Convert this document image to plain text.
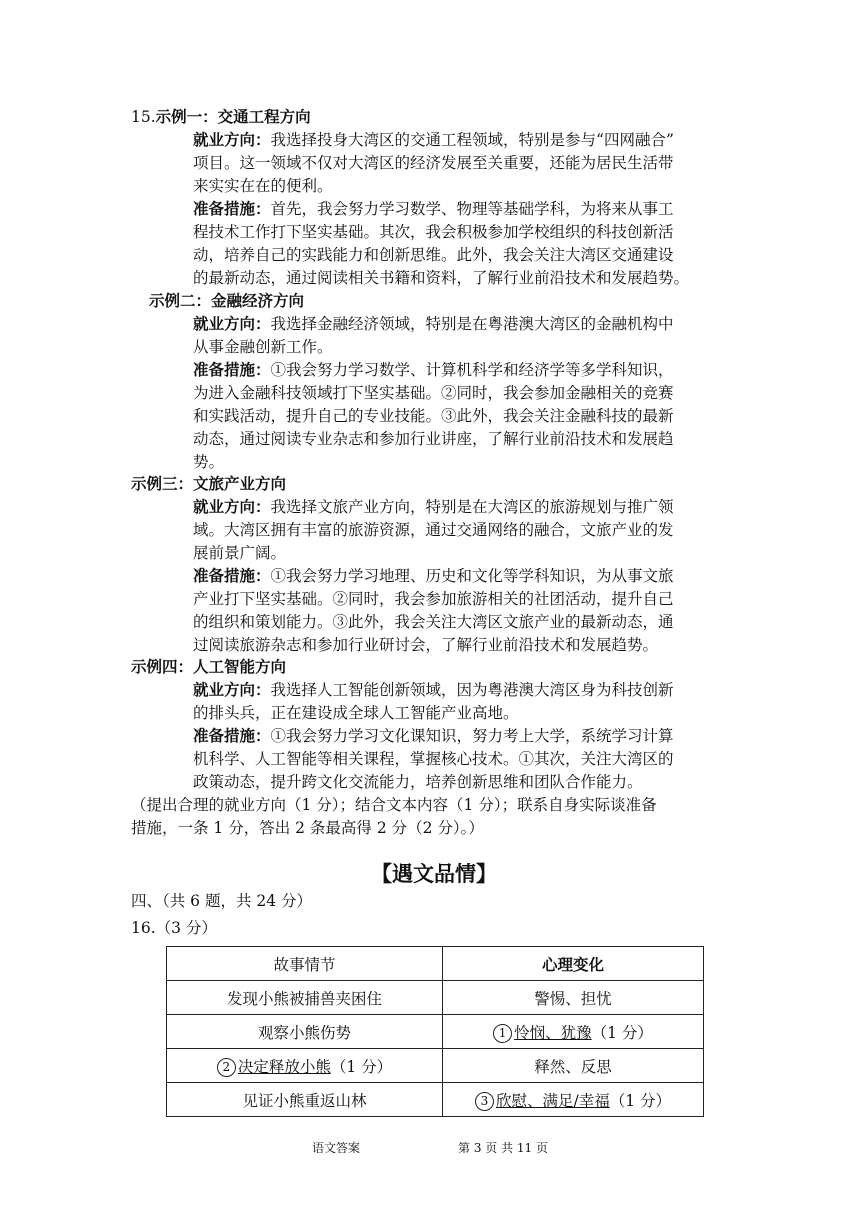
15.示例一：交通工程方向
就业方向：我选择投身大湾区的交通工程领域，特别是参与“四网融合”
项目。这一领域不仅对大湾区的经济发展至关重要，还能为居民生活带
来实实在在的便利。
准备措施：首先，我会努力学习数学、物理等基础学科，为将来从事工
程技术工作打下坚实基础。其次，我会积极参加学校组织的科技创新活
动，培养自己的实践能力和创新思维。此外，我会关注大湾区交通建设
的最新动态，通过阅读相关书籍和资料，了解行业前沿技术和发展趋势。
示例二：金融经济方向
就业方向：我选择金融经济领域，特别是在粤港澳大湾区的金融机构中
从事金融创新工作。
准备措施：①我会努力学习数学、计算机科学和经济学等多学科知识，
为进入金融科技领域打下坚实基础。②同时，我会参加金融相关的竞赛
和实践活动，提升自己的专业技能。③此外，我会关注金融科技的最新
动态，通过阅读专业杂志和参加行业讲座，了解行业前沿技术和发展趋
势。
示例三：文旅产业方向
就业方向：我选择文旅产业方向，特别是在大湾区的旅游规划与推广领
域。大湾区拥有丰富的旅游资源，通过交通网络的融合，文旅产业的发
展前景广阔。
准备措施：①我会努力学习地理、历史和文化等学科知识，为从事文旅
产业打下坚实基础。②同时，我会参加旅游相关的社团活动，提升自己
的组织和策划能力。③此外，我会关注大湾区文旅产业的最新动态，通
过阅读旅游杂志和参加行业研讨会，了解行业前沿技术和发展趋势。
示例四：人工智能方向
就业方向：我选择人工智能创新领域，因为粤港澳大湾区身为科技创新
的排头兵，正在建设成全球人工智能产业高地。
准备措施：①我会努力学习文化课知识，努力考上大学，系统学习计算
机科学、人工智能等相关课程，掌握核心技术。①其次，关注大湾区的
政策动态，提升跨文化交流能力，培养创新思维和团队合作能力。
（提出合理的就业方向（1 分）；结合文本内容（1 分）；联系自身实际谈准备
措施，一条 1 分，答出 2 条最高得 2 分（2 分）。）
【遇文品情】
四、（共 6 题，共 24 分）
16.（3 分）
故事情节	心理变化
发现小熊被捕兽夹困住	警惕、担忧
观察小熊伤势	1 怜悯、犹豫（1 分）
2 决定释放小熊（1 分）	释然、反思
见证小熊重返山林	3 欣慰、满足/幸福（1 分）
语文答案	第 3 页 共 11 页
